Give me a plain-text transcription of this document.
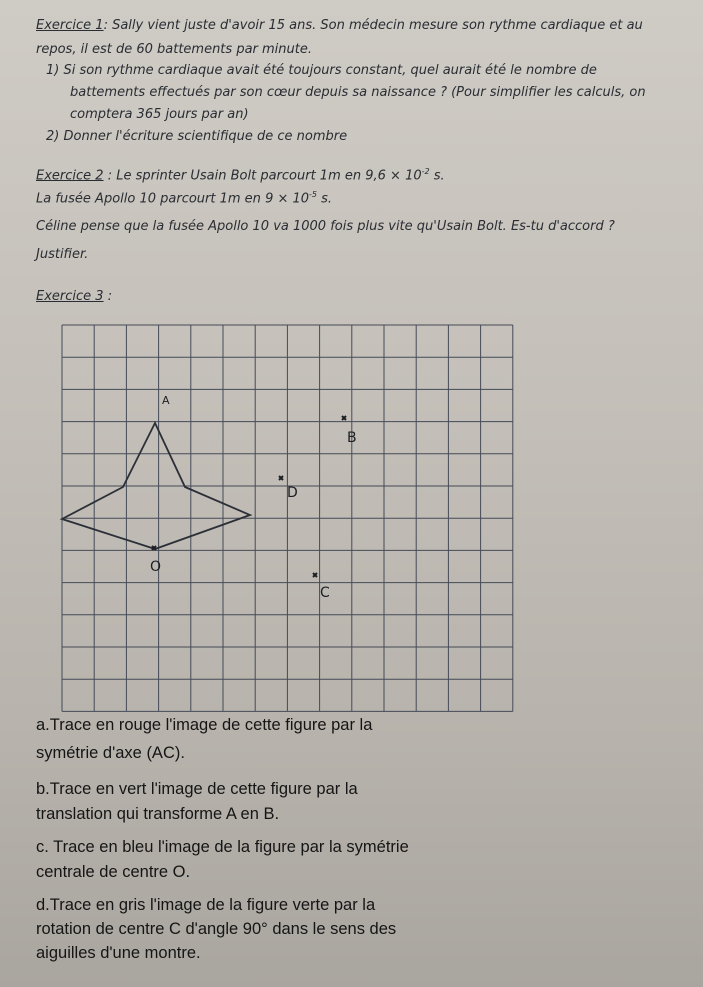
Exercice 1: Sally vient juste d'avoir 15 ans. Son médecin mesure son rythme cardiaque et au
repos, il est de 60 battements par minute.
1) Si son rythme cardiaque avait été toujours constant, quel aurait été le nombre de
battements effectués par son cœur depuis sa naissance ? (Pour simplifier les calculs, on
comptera 365 jours par an)
2) Donner l'écriture scientifique de ce nombre
Exercice 2 : Le sprinter Usain Bolt parcourt 1m en $9,6 \times 10^{-2}$ s.
La fusée Apollo 10 parcourt 1m en $9 \times 10^{-5}$ s.
Céline pense que la fusée Apollo 10 va 1000 fois plus vite qu'Usain Bolt. Es-tu d'accord ?
Justifier.
Exercice 3 :
A
B
D
O
C
a.Trace en rouge l'image de cette figure par la
symétrie d'axe (AC).
b.Trace en vert l'image de cette figure par la
translation qui transforme A en B.
c. Trace en bleu l'image de la figure par la symétrie
centrale de centre O.
d.Trace en gris l'image de la figure verte par la
rotation de centre C d'angle 90° dans le sens des
aiguilles d'une montre.
